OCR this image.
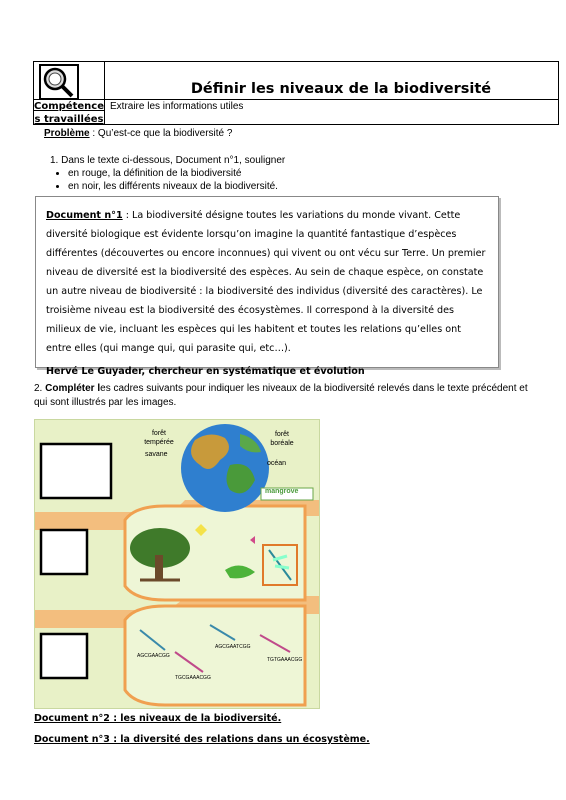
Définir les niveaux de la biodiversité
Compétence s travaillées
Extraire les informations utiles
Problème : Qu’est-ce que la biodiversité ?
1. Dans le texte ci-dessous, Document n°1, souligner
• en rouge, la définition de la biodiversité
• en noir, les différents niveaux de la biodiversité.
Document n°1 : La biodiversité désigne toutes les variations du monde vivant. Cette diversité biologique est évidente lorsqu’on imagine la quantité fantastique d’espèces différentes (découvertes ou encore inconnues) qui vivent ou ont vécu sur Terre. Un premier niveau de diversité est la biodiversité des espèces. Au sein de chaque espèce, on constate un autre niveau de biodiversité : la biodiversité des individus (diversité des caractères). Le troisième niveau est la biodiversité des écosystèmes. Il correspond à la diversité des milieux de vie, incluant les espèces qui les habitent et toutes les relations qu’elles ont entre elles (qui mange qui, qui parasite qui, etc…).
Hervé Le Guyader, chercheur en systématique et évolution
2. Compléter les cadres suivants pour indiquer les niveaux de la biodiversité relevés dans le texte précédent et qui sont illustrés par les images.
forêt tempérée
savane
forêt boréale
océan
mangrove
AGCGAACGG
AGCGAATCGG
TGTGAAACGG
TGCGAAACGG
Document n°2 : les niveaux de la biodiversité.
Document n°3 : la diversité des relations dans un écosystème.
